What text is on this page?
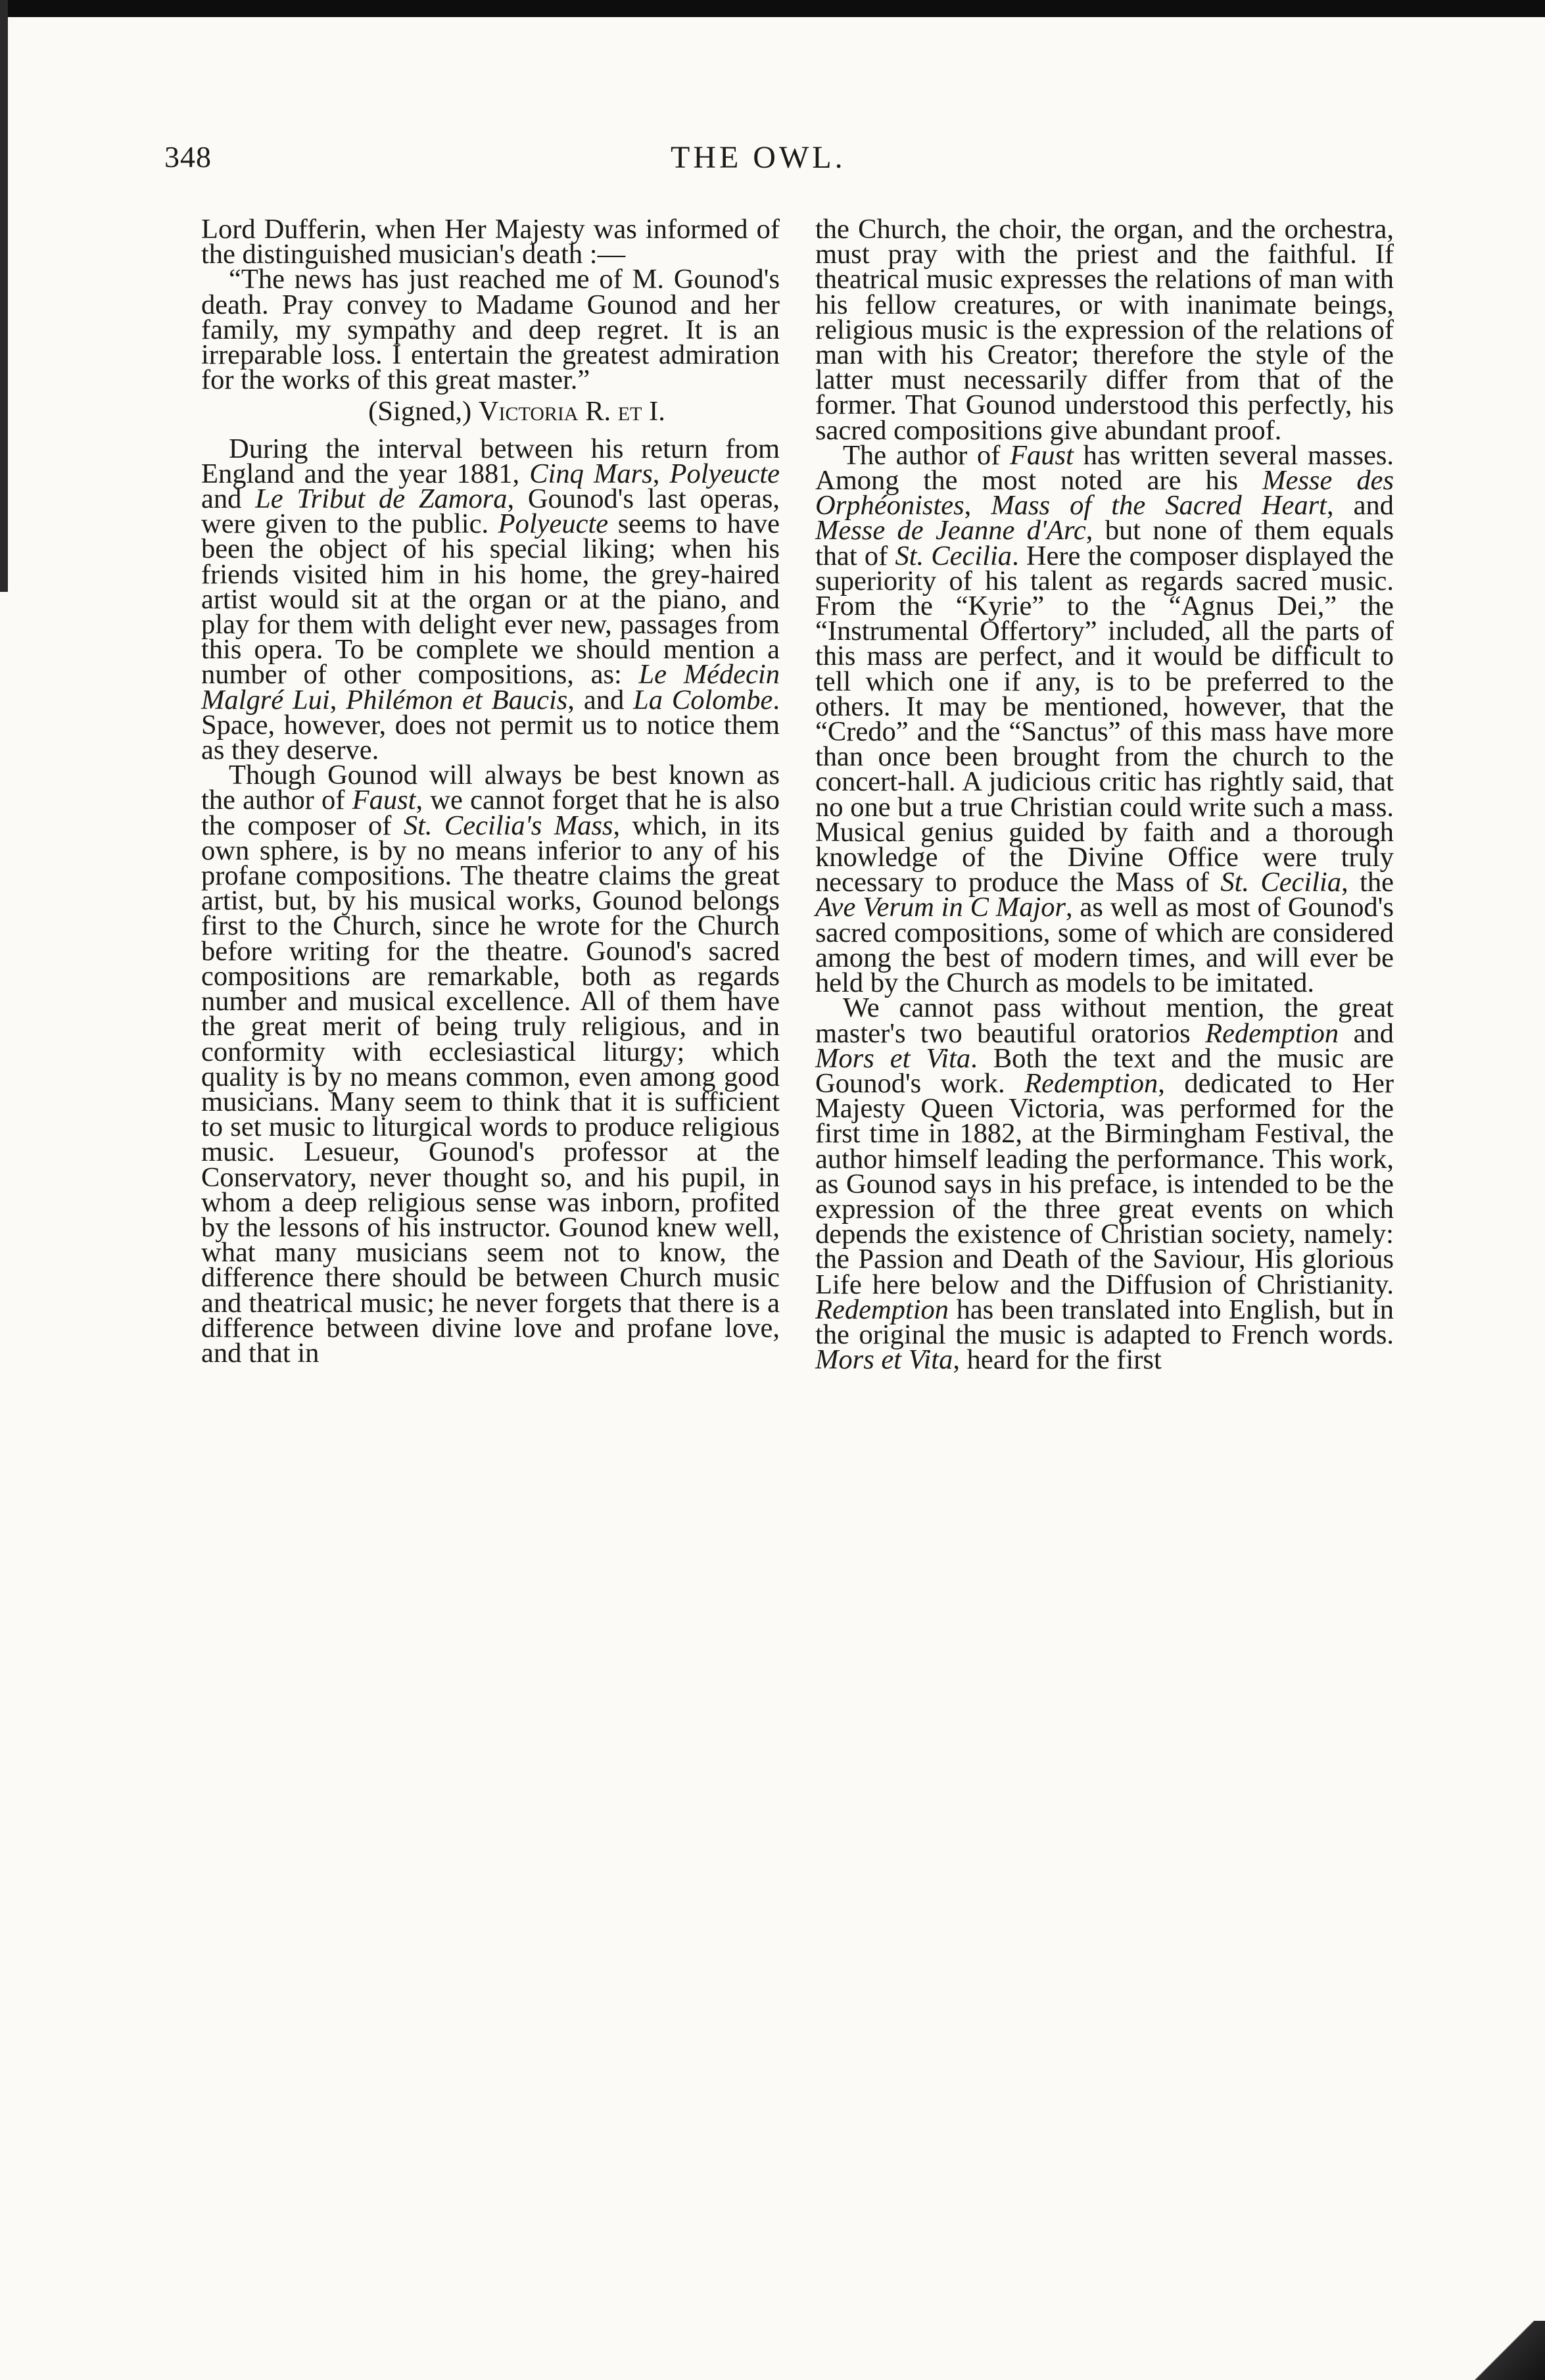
348	THE OWL.

Lord Dufferin, when Her Majesty was informed of the distinguished musician's death :—

“The news has just reached me of M. Gounod's death. Pray convey to Madame Gounod and her family, my sympathy and deep regret. It is an irreparable loss. I entertain the greatest admiration for the works of this great master.”

(Signed,) Victoria R. et I.

During the interval between his return from England and the year 1881, Cinq Mars, Polyeucte and Le Tribut de Zamora, Gounod's last operas, were given to the public. Polyeucte seems to have been the object of his special liking; when his friends visited him in his home, the grey-haired artist would sit at the organ or at the piano, and play for them with delight ever new, passages from this opera. To be complete we should mention a number of other compositions, as: Le Médecin Malgré Lui, Philémon et Baucis, and La Colombe. Space, however, does not permit us to notice them as they deserve.

Though Gounod will always be best known as the author of Faust, we cannot forget that he is also the composer of St. Cecilia's Mass, which, in its own sphere, is by no means inferior to any of his profane compositions. The theatre claims the great artist, but, by his musical works, Gounod belongs first to the Church, since he wrote for the Church before writing for the theatre. Gounod's sacred compositions are remarkable, both as regards number and musical excellence. All of them have the great merit of being truly religious, and in conformity with ecclesiastical liturgy; which quality is by no means common, even among good musicians. Many seem to think that it is sufficient to set music to liturgical words to produce religious music. Lesueur, Gounod's professor at the Conservatory, never thought so, and his pupil, in whom a deep religious sense was inborn, profited by the lessons of his instructor. Gounod knew well, what many musicians seem not to know, the difference there should be between Church music and theatrical music; he never forgets that there is a difference between divine love and profane love, and that in

the Church, the choir, the organ, and the orchestra, must pray with the priest and the faithful. If theatrical music expresses the relations of man with his fellow creatures, or with inanimate beings, religious music is the expression of the relations of man with his Creator; therefore the style of the latter must necessarily differ from that of the former. That Gounod understood this perfectly, his sacred compositions give abundant proof.

The author of Faust has written several masses. Among the most noted are his Messe des Orphéonistes, Mass of the Sacred Heart, and Messe de Jeanne d'Arc, but none of them equals that of St. Cecilia. Here the composer displayed the superiority of his talent as regards sacred music. From the “Kyrie” to the “Agnus Dei,” the “Instrumental Offertory” included, all the parts of this mass are perfect, and it would be difficult to tell which one if any, is to be preferred to the others. It may be mentioned, however, that the “Credo” and the “Sanctus” of this mass have more than once been brought from the church to the concert-hall. A judicious critic has rightly said, that no one but a true Christian could write such a mass. Musical genius guided by faith and a thorough knowledge of the Divine Office were truly necessary to produce the Mass of St. Cecilia, the Ave Verum in C Major, as well as most of Gounod's sacred compositions, some of which are considered among the best of modern times, and will ever be held by the Church as models to be imitated.

We cannot pass without mention, the great master's two beautiful oratorios Redemption and Mors et Vita. Both the text and the music are Gounod's work. Redemption, dedicated to Her Majesty Queen Victoria, was performed for the first time in 1882, at the Birmingham Festival, the author himself leading the performance. This work, as Gounod says in his preface, is intended to be the expression of the three great events on which depends the existence of Christian society, namely: the Passion and Death of the Saviour, His glorious Life here below and the Diffusion of Christianity. Redemption has been translated into English, but in the original the music is adapted to French words. Mors et Vita, heard for the first
